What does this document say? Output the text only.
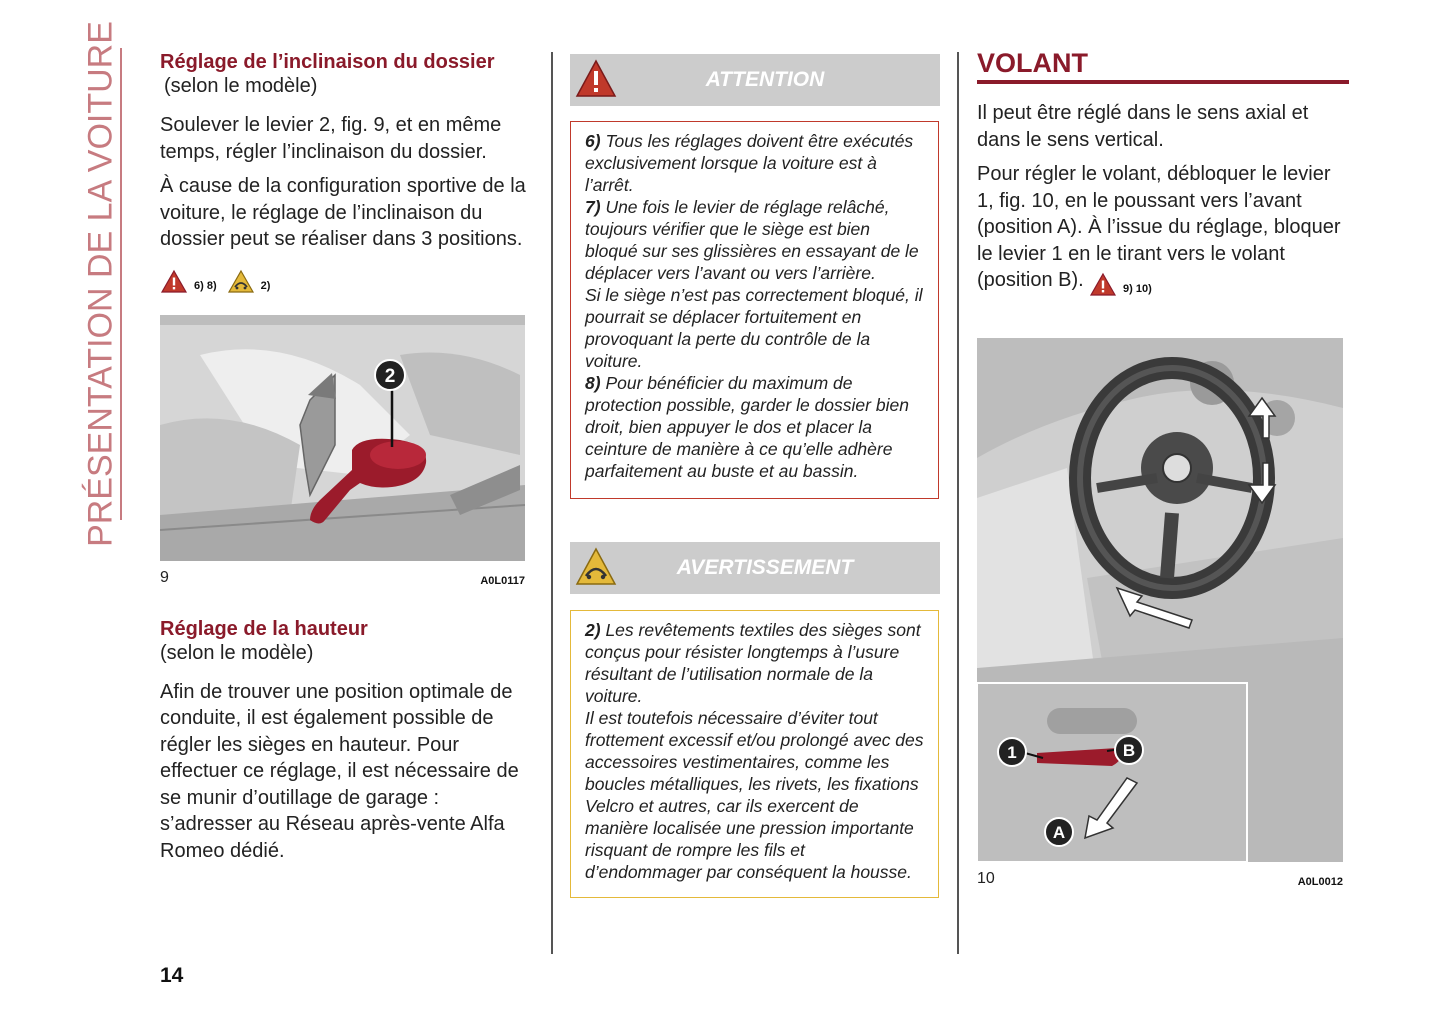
PRÉSENTATION DE LA VOITURE Réglage de l’inclinaison du dossier
(selon le modèle)

Soulever le levier 2, fig. 9, et en même temps, régler l’inclinaison du dossier.

À cause de la configuration sportive de la voiture, le réglage de l’inclinaison du dossier peut se réaliser dans 3 positions.

6) 8)	2)
2
9	A0L0117
Réglage de la hauteur
(selon le modèle)

Afin de trouver une position optimale de conduite, il est également possible de régler les sièges en hauteur. Pour effectuer ce réglage, il est nécessaire de se munir d’outillage de garage : s’adresser au Réseau après-vente Alfa Romeo dédié.

ATTENTION
6) Tous les réglages doivent être exécutés exclusivement lorsque la voiture est à l’arrêt.
7) Une fois le levier de réglage relâché, toujours vérifier que le siège est bien bloqué sur ses glissières en essayant de le déplacer vers l’avant ou vers l’arrière.
Si le siège n’est pas correctement bloqué, il pourrait se déplacer fortuitement en provoquant la perte du contrôle de la voiture.
8) Pour bénéficier du maximum de protection possible, garder le dossier bien droit, bien appuyer le dos et placer la ceinture de manière à ce qu’elle adhère parfaitement au buste et au bassin.
AVERTISSEMENT
2) Les revêtements textiles des sièges sont conçus pour résister longtemps à l’usure résultant de l’utilisation normale de la voiture.
Il est toutefois nécessaire d’éviter tout frottement excessif et/ou prolongé avec des accessoires vestimentaires, comme les boucles métalliques, les rivets, les fixations Velcro et autres, car ils exercent de manière localisée une pression importante risquant de rompre les fils et d’endommager par conséquent la housse.
VOLANT

Il peut être réglé dans le sens axial et dans le sens vertical.

Pour régler le volant, débloquer le levier 1, fig. 10, en le poussant vers l’avant (position A). À l’issue du réglage, bloquer le levier 1 en le tirant vers le volant (position B).	9) 10)
1	B
A
10	A0L0012
14
